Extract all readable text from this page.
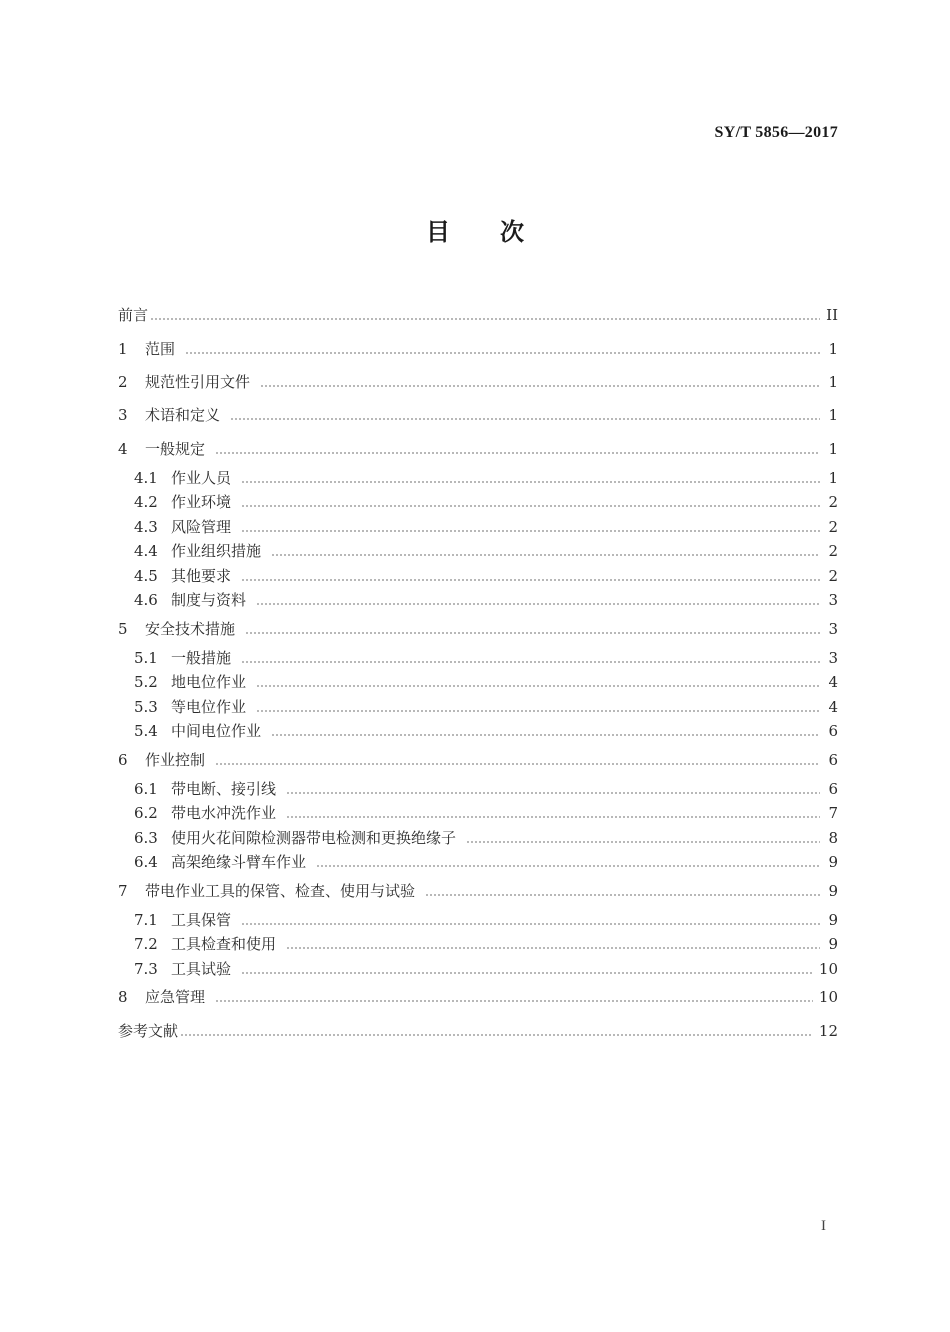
SY/T 5856—2017
目 次
前言	II
1	范围	1
2	规范性引用文件	1
3	术语和定义	1
4	一般规定	1
4.1 作业人员	1
4.2 作业环境	2
4.3 风险管理	2
4.4 作业组织措施	2
4.5 其他要求	2
4.6 制度与资料	3
5	安全技术措施	3
5.1 一般措施	3
5.2 地电位作业	4
5.3 等电位作业	4
5.4 中间电位作业	6
6	作业控制	6
6.1 带电断、接引线	6
6.2 带电水冲洗作业	7
6.3 使用火花间隙检测器带电检测和更换绝缘子	8
6.4 高架绝缘斗臂车作业	9
7	带电作业工具的保管、检查、使用与试验	9
7.1 工具保管	9
7.2 工具检查和使用	9
7.3 工具试验	10
8	应急管理	10
参考文献	12
I
